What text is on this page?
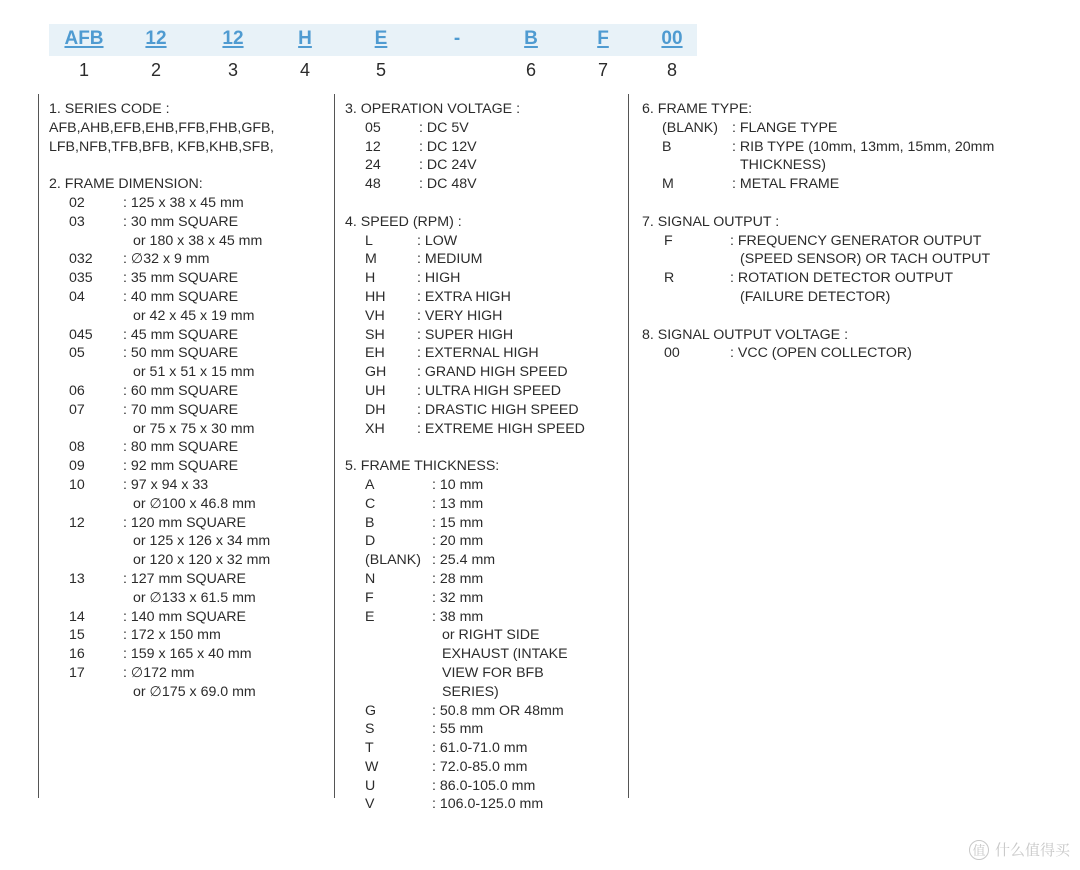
AFB 12	12	H	E	-	B	F	00
1	2	3	4	5	6	7	8
1. SERIES CODE :
AFB,AHB,EFB,EHB,FFB,FHB,GFB,
LFB,NFB,TFB,BFB, KFB,KHB,SFB,
2. FRAME DIMENSION:
02	: 125 x 38 x 45 mm
03	: 30 mm SQUARE
or 180 x 38 x 45 mm
032 : ∅32 x 9 mm
035 : 35 mm SQUARE
04	: 40 mm SQUARE
or 42 x 45 x 19 mm
045 : 45 mm SQUARE
05	: 50 mm SQUARE
or 51 x 51 x 15 mm
06	: 60 mm SQUARE
07	: 70 mm SQUARE
or 75 x 75 x 30 mm
08	: 80 mm SQUARE
09	: 92 mm SQUARE
10	: 97 x 94 x 33
or ∅100 x 46.8 mm
12	: 120 mm SQUARE
or 125 x 126 x 34 mm
or 120 x 120 x 32 mm
13	: 127 mm SQUARE
or ∅133 x 61.5 mm
14	: 140 mm SQUARE
15	: 172 x 150 mm
16	: 159 x 165 x 40 mm
17	: ∅172 mm
or ∅175 x 69.0 mm
3. OPERATION VOLTAGE :
05	: DC 5V
12	: DC 12V
24	: DC 24V
48	: DC 48V
4. SPEED (RPM) :
L	: LOW
M	: MEDIUM
H	: HIGH
HH : EXTRA HIGH
VH : VERY HIGH
SH : SUPER HIGH
EH : EXTERNAL HIGH
GH : GRAND HIGH SPEED
UH : ULTRA HIGH SPEED
DH : DRASTIC HIGH SPEED
XH : EXTREME HIGH SPEED
5. FRAME THICKNESS:
A	: 10 mm
C	: 13 mm
B	: 15 mm
D	: 20 mm
(BLANK) : 25.4 mm
N	: 28 mm
F	: 32 mm
E	: 38 mm
or RIGHT SIDE
EXHAUST (INTAKE
VIEW FOR BFB
SERIES)
G	: 50.8 mm OR 48mm
S	: 55 mm
T	: 61.0-71.0 mm
W	: 72.0-85.0 mm
U	: 86.0-105.0 mm
V	: 106.0-125.0 mm
6. FRAME TYPE:
(BLANK) : FLANGE TYPE
B	: RIB TYPE (10mm, 13mm, 15mm, 20mm
THICKNESS)
M	: METAL FRAME
7. SIGNAL OUTPUT :
F	: FREQUENCY GENERATOR OUTPUT
(SPEED SENSOR) OR TACH OUTPUT
R	: ROTATION DETECTOR OUTPUT
(FAILURE DETECTOR)
8. SIGNAL OUTPUT VOLTAGE :
00	: VCC (OPEN COLLECTOR)
值 什么值得买
